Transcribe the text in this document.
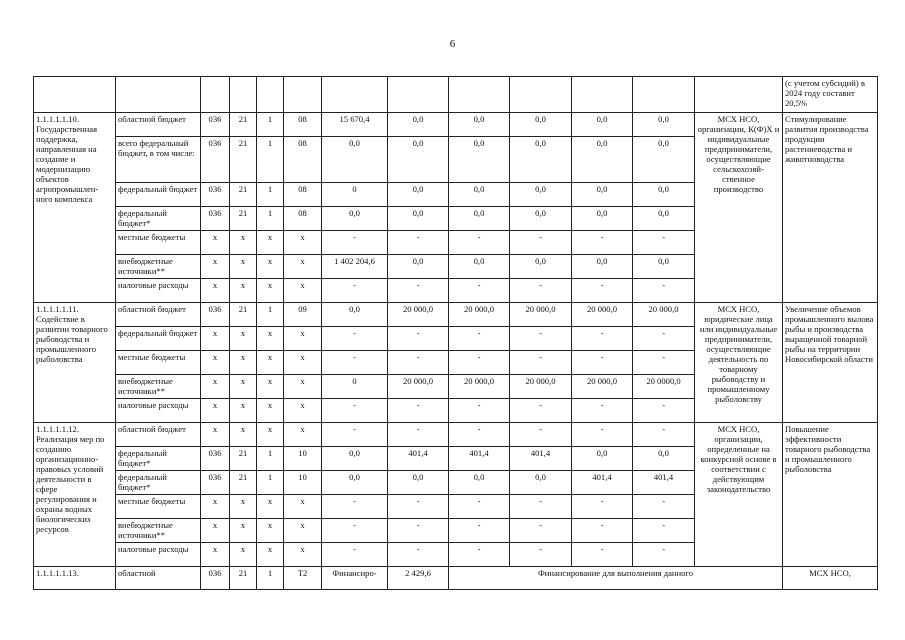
6
													(с учетом субсидий) в 2024 году составит 20,5%	
1.1.1.1.1.10. Государственная поддержка, направленная на создание и модернизацию объектов агропромышлен-ного комплекса	областной бюджет	036	21	1	08	15 670,4	0,0	0,0	0,0	0,0	0,0	МСХ НСО, организации, К(Ф)Х и индивидуальные предприниматели, осуществляющие сельскохозяй-ственное производство	Стимулирование развития производства продукции растениеводства и животноводства	
	всего федеральный бюджет, в том числе:	036	21	1	08	0,0	0,0	0,0	0,0	0,0	0,0			
	федеральный бюджет	036	21	1	08	0	0,0	0,0	0,0	0,0	0,0			
	федеральный бюджет*	036	21	1	08	0,0	0,0	0,0	0,0	0,0	0,0			
	местные бюджеты	x	x	x	x	-	-	-	-	-	-			
	внебюджетные источники**	x	x	x	x	1 402 204,6	0,0	0,0	0,0	0,0	0,0			
	налоговые расходы	x	x	x	x	-	-	-	-	-	-			
1.1.1.1.1.11. Содействие в развитии товарного рыбоводства и промышленного рыболовства	областной бюджет	036	21	1	09	0,0	20 000,0	20 000,0	20 000,0	20 000,0	20 000,0	МСХ НСО, юридические лица или индивидуальные предприниматели, осуществляющие деятельность по товарному рыбоводству и промышленному рыболовству	Увеличение объемов промышленного вылова рыбы и производства выращенной товарной рыбы на территории Новосибирской области	
	федеральный бюджет	x	x	x	x	-	-	-	-	-	-			
	местные бюджеты	x	x	x	x	-	-	-	-	-	-			
	внебюджетные источники**	x	x	x	x	0	20 000,0	20 000,0	20 000,0	20 000,0	20 0000,0			
	налоговые расходы	x	x	x	x	-	-	-	-	-	-			
1.1.1.1.1.12. Реализация мер по созданию организационно-правовых условий деятельности в сфере регулирования и охраны водных биологических ресурсов	областной бюджет	x	x	x	x	-	-	-	-	-	-	МСХ НСО, организации, определенные на конкурсной основе в соответствии с действующим законодательство	Повышение эффективности товарного рыбоводства и промышленного рыболовства	
	федеральный бюджет*	036	21	1	10	0,0	401,4	401,4	401,4	0,0	0,0			
	федеральный бюджет*	036	21	1	10	0,0	0,0	0,0	0,0	401,4	401,4			
	местные бюджеты	x	x	x	x	-	-	-	-	-	-			
	внебюджетные источники**	x	x	x	x	-	-	-	-	-	-			
	налоговые расходы	x	x	x	x	-	-	-	-	-	-			
1.1.1.1.1.13.	областной	036	21	1	Т2	Финансиро-	2 429,6	Финансирование для выполнения данного					МСХ НСО,	
